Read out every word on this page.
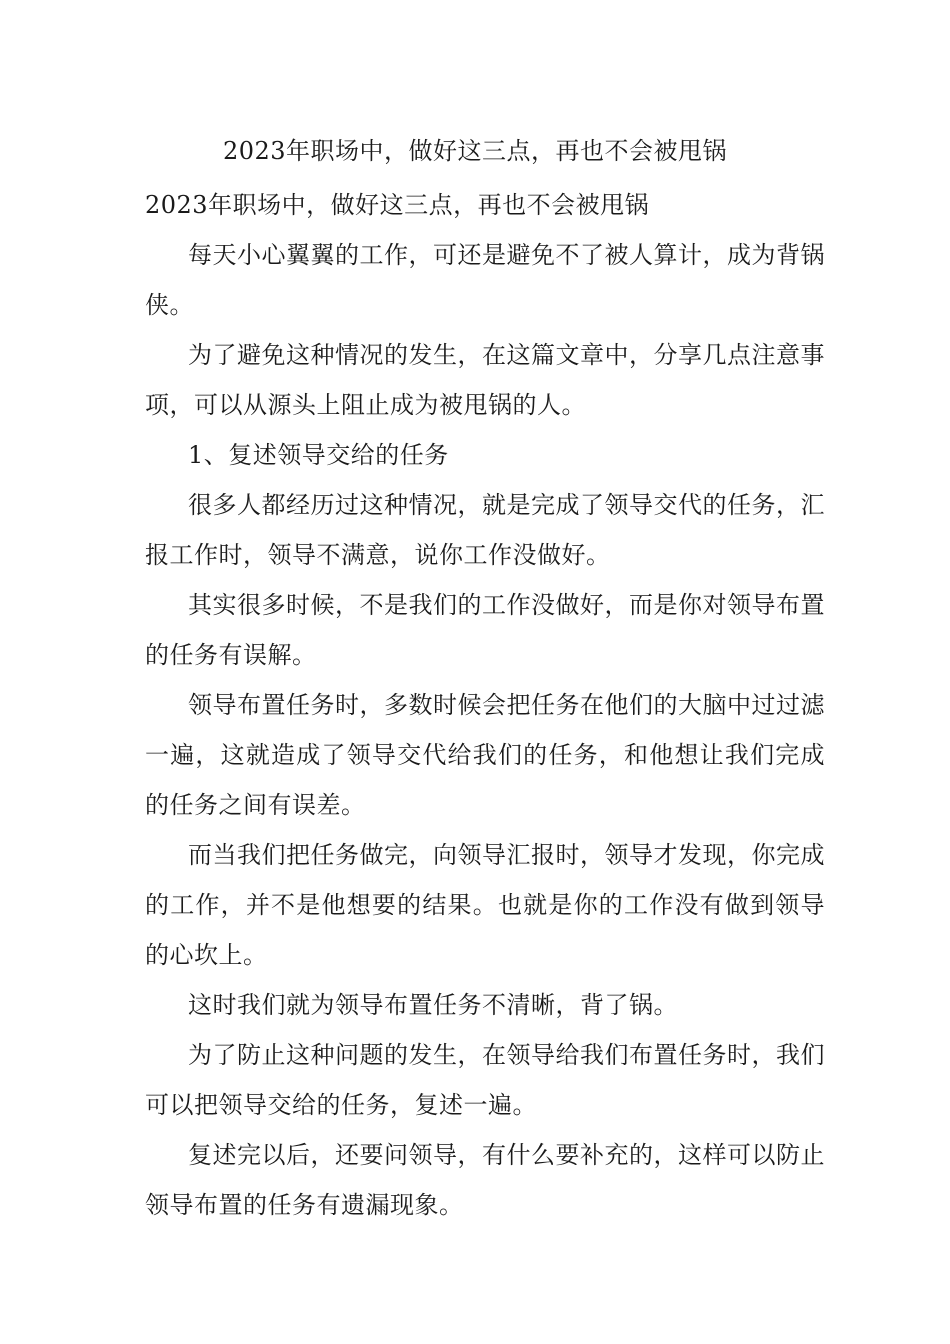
2023年职场中，做好这三点，再也不会被甩锅

2023年职场中，做好这三点，再也不会被甩锅

每天小心翼翼的工作，可还是避免不了被人算计，成为背锅侠。

为了避免这种情况的发生，在这篇文章中，分享几点注意事项，可以从源头上阻止成为被甩锅的人。

1、复述领导交给的任务

很多人都经历过这种情况，就是完成了领导交代的任务，汇报工作时，领导不满意，说你工作没做好。

其实很多时候，不是我们的工作没做好，而是你对领导布置的任务有误解。

领导布置任务时，多数时候会把任务在他们的大脑中过过滤一遍，这就造成了领导交代给我们的任务，和他想让我们完成的任务之间有误差。

而当我们把任务做完，向领导汇报时，领导才发现，你完成的工作，并不是他想要的结果。也就是你的工作没有做到领导的心坎上。

这时我们就为领导布置任务不清晰，背了锅。

为了防止这种问题的发生，在领导给我们布置任务时，我们可以把领导交给的任务，复述一遍。

复述完以后，还要问领导，有什么要补充的，这样可以防止领导布置的任务有遗漏现象。
